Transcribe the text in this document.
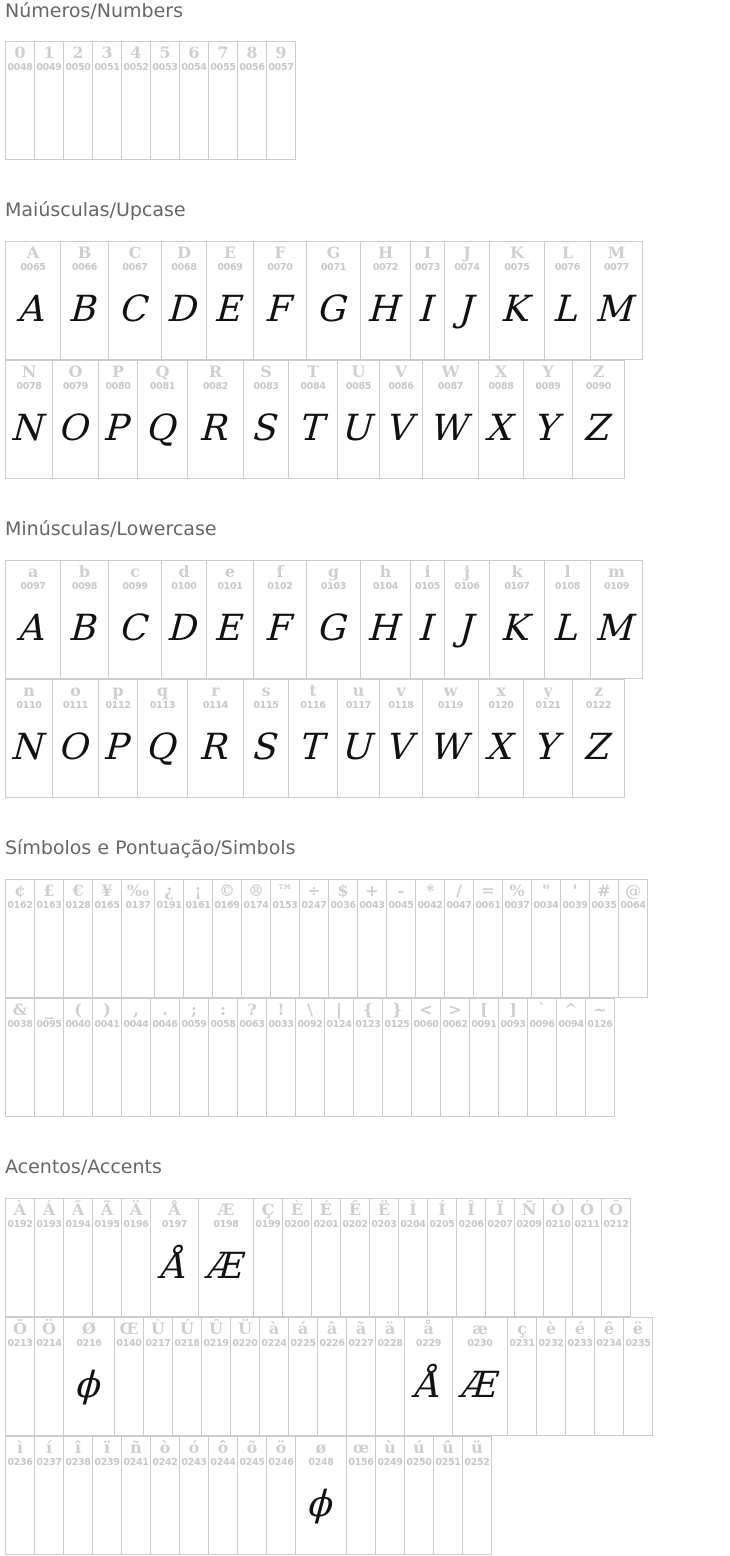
Números/Numbers
0
0048
1
0049
2
0050
3
0051
4
0052
5
0053
6
0054
7
0055
8
0056
9
0057
Maiúsculas/Upcase
A
0065
A
B
0066
B
C
0067
C
D
0068
D
E
0069
E
F
0070
F
G
0071
G
H
0072
H
I
0073
I
J
0074
J
K
0075
K
L
0076
L
M
0077
M
N
0078
N
O
0079
O
P
0080
P
Q
0081
Q
R
0082
R
S
0083
S
T
0084
T
U
0085
U
V
0086
V
W
0087
W
X
0088
X
Y
0089
Y
Z
0090
Z
Minúsculas/Lowercase
a
0097
A
b
0098
B
c
0099
C
d
0100
D
e
0101
E
f
0102
F
g
0103
G
h
0104
H
i
0105
I
j
0106
J
k
0107
K
l
0108
L
m
0109
M
n
0110
N
o
0111
O
p
0112
P
q
0113
Q
r
0114
R
s
0115
S
t
0116
T
u
0117
U
v
0118
V
w
0119
W
x
0120
X
y
0121
Y
z
0122
Z
Símbolos e Pontuação/Simbols
¢
0162
£
0163
€
0128
¥
0165
‰
0137
¿
0191
¡
0161
©
0169
®
0174
™
0153
÷
0247
$
0036
+
0043
-
0045
*
0042
/
0047
=
0061
%
0037
"
0034
'
0039
#
0035
@
0064
&
0038
_
0095
(
0040
)
0041
,
0044
.
0046
;
0059
:
0058
?
0063
!
0033
\
0092
|
0124
{
0123
}
0125
<
0060
>
0062
[
0091
]
0093
`
0096
^
0094
~
0126
Acentos/Accents
À
0192
Á
0193
Â
0194
Ã
0195
Ä
0196
Å
0197
Å
Æ
0198
Æ
Ç
0199
È
0200
É
0201
Ê
0202
Ë
0203
Ì
0204
Í
0205
Î
0206
Ï
0207
Ñ
0209
Ò
0210
Ó
0211
Ô
0212
Õ
0213
Ö
0214
Ø
0216
ϕ
Œ
0140
Ù
0217
Ú
0218
Û
0219
Ü
0220
à
0224
á
0225
â
0226
ã
0227
ä
0228
å
0229
Å
æ
0230
Æ
ç
0231
è
0232
é
0233
ê
0234
ë
0235
ì
0236
í
0237
î
0238
ï
0239
ñ
0241
ò
0242
ó
0243
ô
0244
õ
0245
ö
0246
ø
0248
ϕ
œ
0156
ù
0249
ú
0250
û
0251
ü
0252
